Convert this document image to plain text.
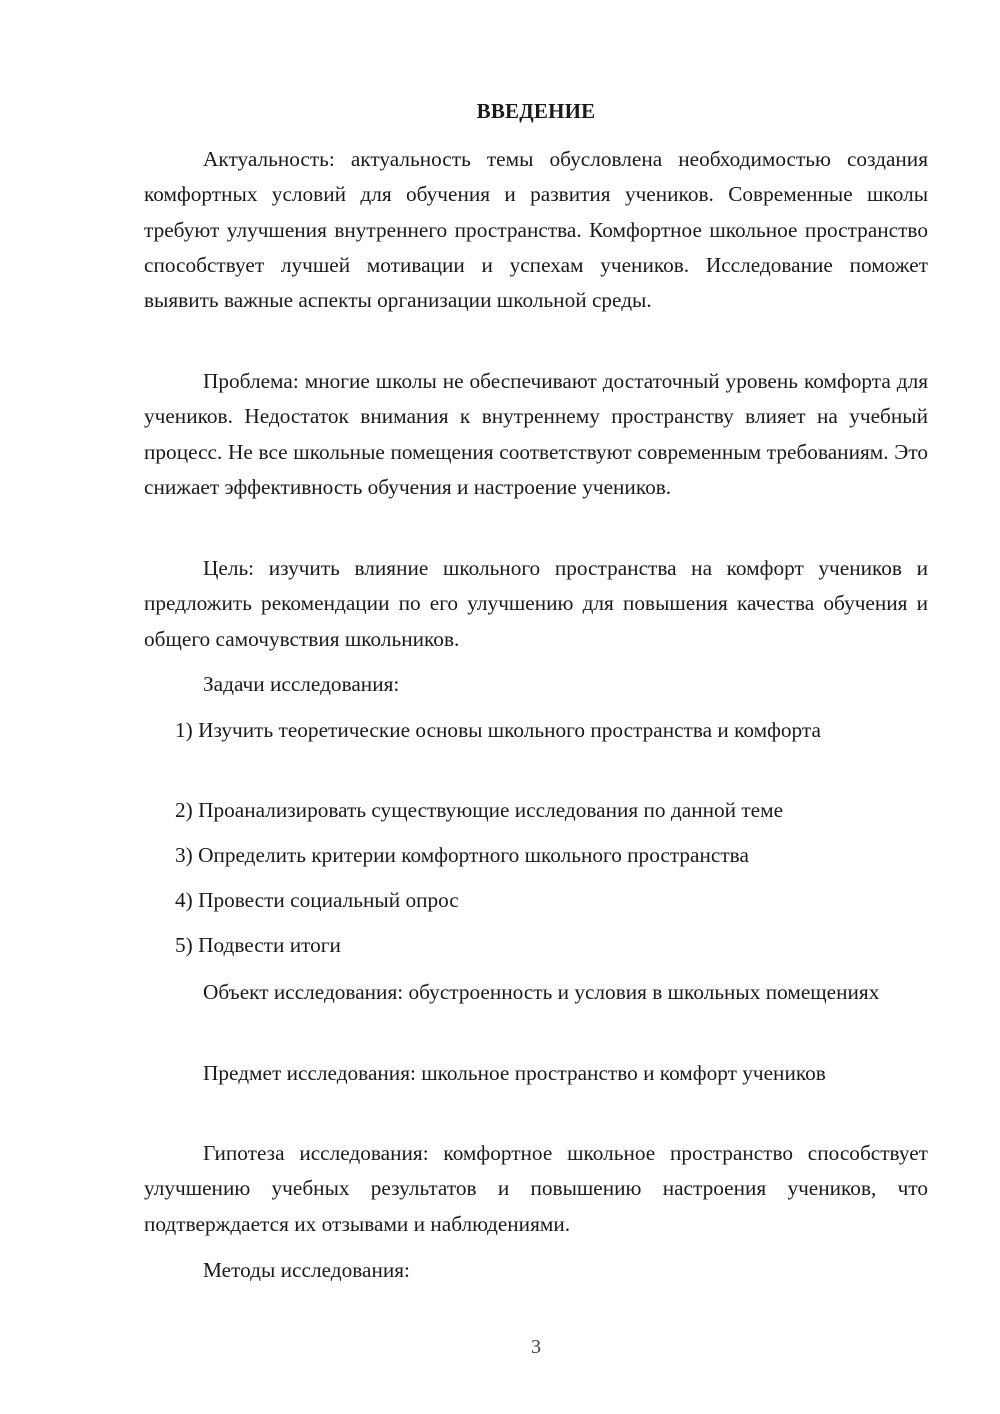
ВВЕДЕНИЕ

Актуальность: актуальность темы обусловлена необходимостью создания комфортных условий для обучения и развития учеников. Современные школы требуют улучшения внутреннего пространства. Комфортное школьное пространство способствует лучшей мотивации и успехам учеников. Исследование поможет выявить важные аспекты организации школьной среды.

Проблема: многие школы не обеспечивают достаточный уровень комфорта для учеников. Недостаток внимания к внутреннему пространству влияет на учебный процесс. Не все школьные помещения соответствуют современным требованиям. Это снижает эффективность обучения и настроение учеников.

Цель: изучить влияние школьного пространства на комфорт учеников и предложить рекомендации по его улучшению для повышения качества обучения и общего самочувствия школьников.

Задачи исследования:

1) Изучить теоретические основы школьного пространства и комфорта

2) Проанализировать существующие исследования по данной теме

3) Определить критерии комфортного школьного пространства

4) Провести социальный опрос

5) Подвести итоги

Объект исследования: обустроенность и условия в школьных помещениях

Предмет исследования: школьное пространство и комфорт учеников

Гипотеза исследования: комфортное школьное пространство способствует улучшению учебных результатов и повышению настроения учеников, что подтверждается их отзывами и наблюдениями.

Методы исследования:

3
